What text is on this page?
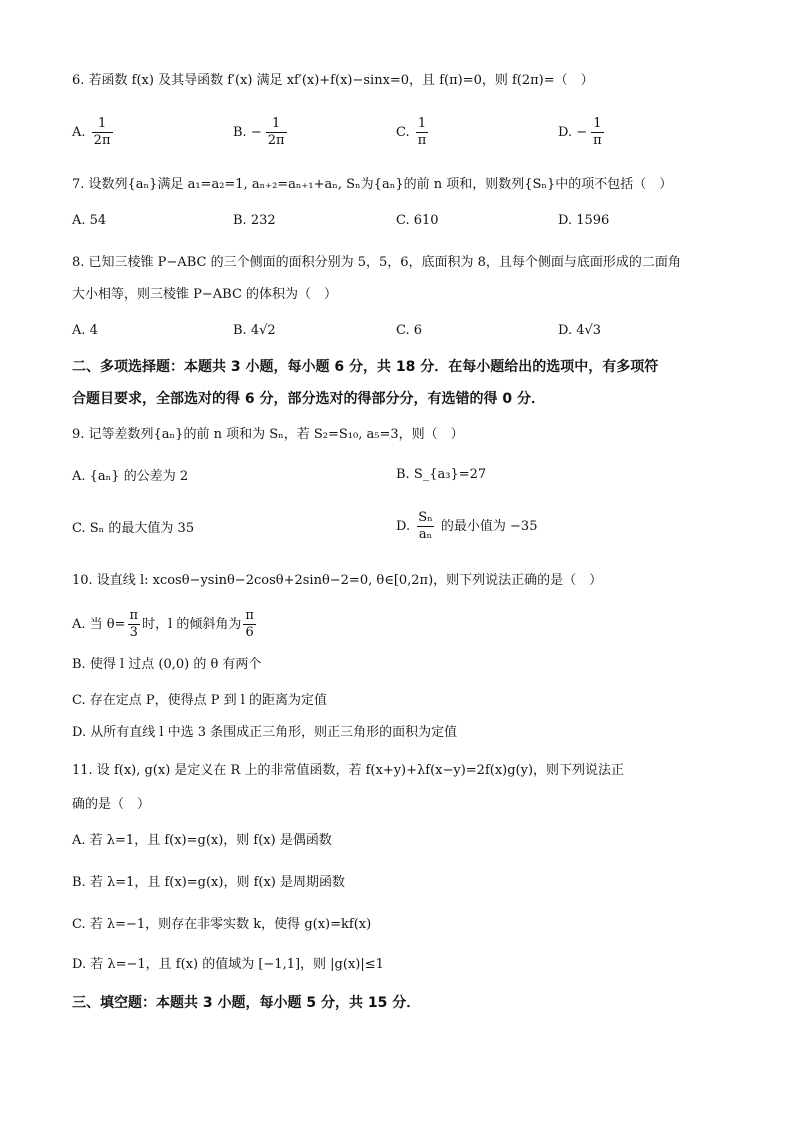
6. 若函数 f(x) 及其导函数 f′(x) 满足 xf′(x)+f(x)−sinx=0，且 f(π)=0，则 f(2π)=（　）
A. $\frac{1}{2\pi}$	B. − $\frac{1}{2\pi}$	C. $\frac{1}{\pi}$	D. − $\frac{1}{\pi}$
7. 设数列{aₙ}满足 a₁=a₂=1, aₙ₊₂=aₙ₊₁+aₙ, Sₙ为{aₙ}的前 n 项和，则数列{Sₙ}中的项不包括（　）
A. 54	B. 232	C. 610	D. 1596
8. 已知三棱锥 P−ABC 的三个侧面的面积分别为 5，5，6，底面积为 8，且每个侧面与底面形成的二面角
大小相等，则三棱锥 P−ABC 的体积为（　）
A. 4	B. 4√2	C. 6	D. 4√3
二、多项选择题：本题共 3 小题，每小题 6 分，共 18 分．在每小题给出的选项中，有多项符
合题目要求，全部选对的得 6 分，部分选对的得部分分，有选错的得 0 分．
9. 记等差数列{aₙ}的前 n 项和为 Sₙ，若 S₂=S₁₀, a₅=3，则（　）
A. {aₙ} 的公差为 2	B. S_{a₃}=27
C. Sₙ 的最大值为 35	D. $\frac{\text{Sₙ}}{\text{aₙ}}$ 的最小值为 −35
10. 设直线 l: xcosθ−ysinθ−2cosθ+2sinθ−2=0, θ∈[0,2π)，则下列说法正确的是（　）
A. 当 $\theta= \frac{\pi}{3}$ 时，l 的倾斜角为 $\frac{\pi}{6}$
B. 使得 l 过点 (0,0) 的 θ 有两个
C. 存在定点 P，使得点 P 到 l 的距离为定值
D. 从所有直线 l 中选 3 条围成正三角形，则正三角形的面积为定值
11. 设 f(x), g(x) 是定义在 R 上的非常值函数，若 f(x+y)+λf(x−y)=2f(x)g(y)，则下列说法正
确的是（　）
A. 若 λ=1，且 f(x)=g(x)，则 f(x) 是偶函数
B. 若 λ=1，且 f(x)=g(x)，则 f(x) 是周期函数
C. 若 λ=−1，则存在非零实数 k，使得 g(x)=kf(x)
D. 若 λ=−1，且 f(x) 的值域为 [−1,1]，则 |g(x)|≤1
三、填空题：本题共 3 小题，每小题 5 分，共 15 分．
